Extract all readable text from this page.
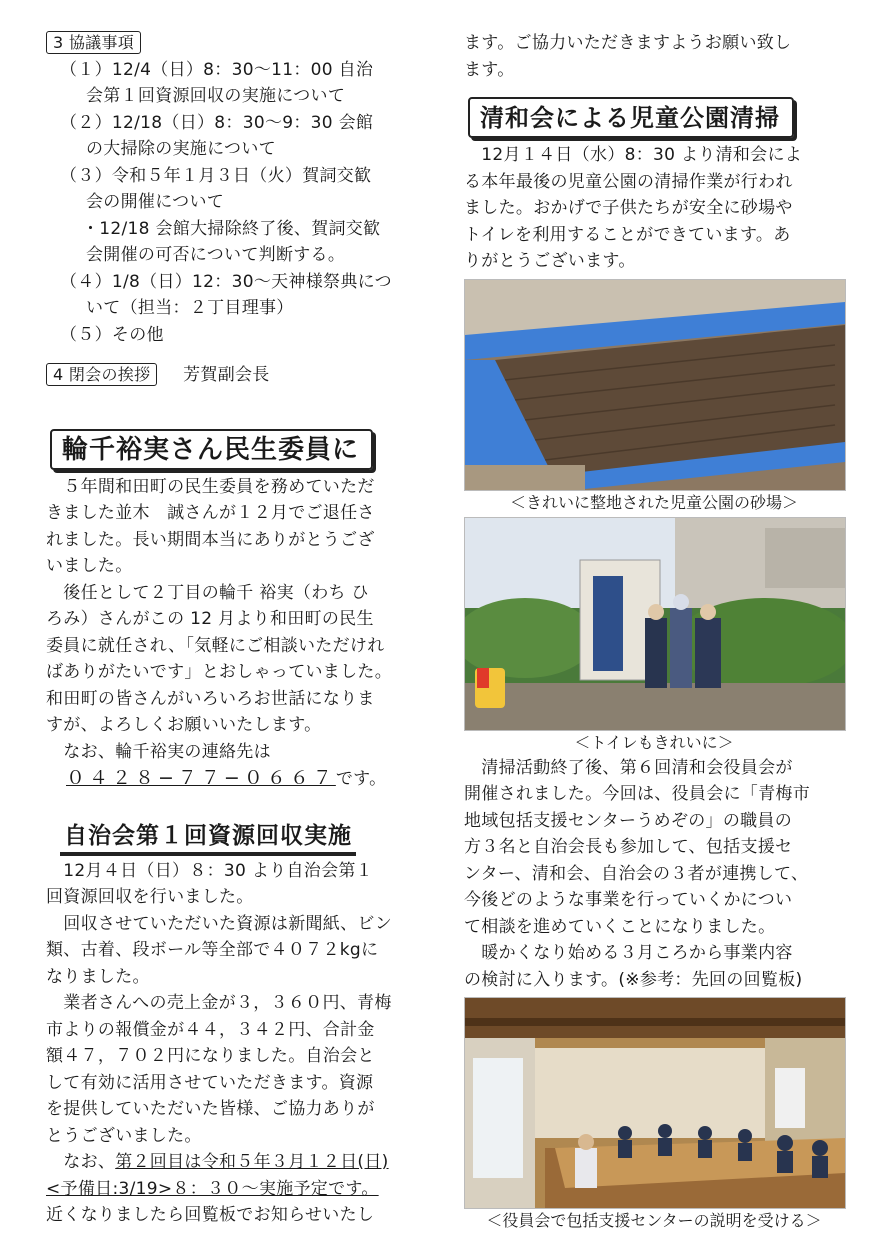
3 協議事項
（１）12/4（日）8：30〜11：00 自治
会第１回資源回収の実施について
（２）12/18（日）8：30〜9：30 会館
の大掃除の実施について
（３）令和５年１月３日（火）賀詞交歓
会の開催について
・12/18 会館大掃除終了後、賀詞交歓
会開催の可否について判断する。
（４）1/8（日）12：30〜天神様祭典につ
いて（担当：２丁目理事）
（５）その他
4 閉会の挨拶 芳賀副会長
輪千裕実さん民生委員に
　５年間和田町の民生委員を務めていただ
きました並木　誠さんが１２月でご退任さ
れました。長い期間本当にありがとうござ
いました。
　後任として２丁目の輪千 裕実（わち ひ
ろみ）さんがこの 12 月より和田町の民生
委員に就任され、「気軽にご相談いただけれ
ばありがたいです」とおしゃっていました。
和田町の皆さんがいろいろお世話になりま
すが、よろしくお願いいたします。
　なお、輪千裕実の連絡先は
０４２８−７７−０６６７です。
自治会第１回資源回収実施
　12月４日（日）８：30 より自治会第１
回資源回収を行いました。
　回収させていただいた資源は新聞紙、ビン
類、古着、段ボール等全部で４０７２kgに
なりました。
　業者さんへの売上金が３，３６０円、青梅
市よりの報償金が４４，３４２円、合計金
額４７，７０２円になりました。自治会と
して有効に活用させていただきます。資源
を提供していただいた皆様、ご協力ありが
とうございました。
　なお、第２回目は令和５年３月１２日(日)
<予備日:3/19>８：３０〜実施予定です。
近くなりましたら回覧板でお知らせいたし
ます。ご協力いただきますようお願い致し
ます。
清和会による児童公園清掃
　12月１４日（水）8：30 より清和会によ
る本年最後の児童公園の清掃作業が行われ
ました。おかげで子供たちが安全に砂場や
トイレを利用することができています。あ
りがとうございます。
＜きれいに整地された児童公園の砂場＞
＜トイレもきれいに＞
　清掃活動終了後、第６回清和会役員会が
開催されました。今回は、役員会に「青梅市
地域包括支援センターうめぞの」の職員の
方３名と自治会長も参加して、包括支援セ
ンター、清和会、自治会の３者が連携して、
今後どのような事業を行っていくかについ
て相談を進めていくことになりました。
　暖かくなり始める３月ころから事業内容
の検討に入ります。(※参考：先回の回覧板)
＜役員会で包括支援センターの説明を受ける＞
